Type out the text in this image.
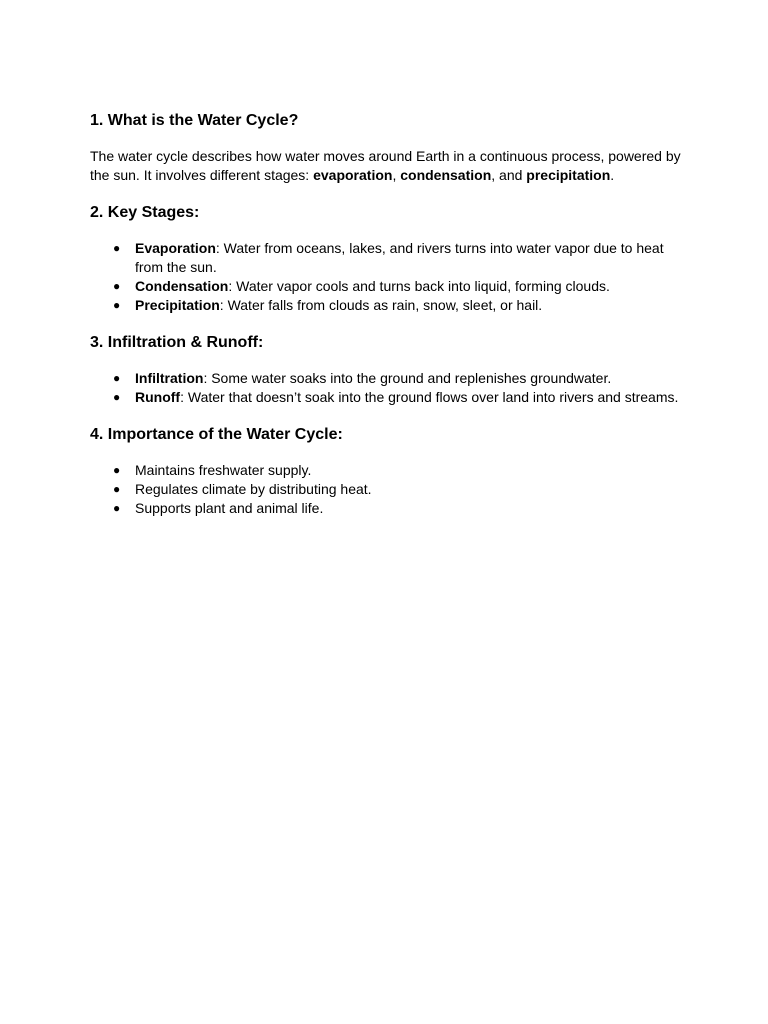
1. What is the Water Cycle?

The water cycle describes how water moves around Earth in a continuous process, powered by the sun. It involves different stages: evaporation, condensation, and precipitation.

2. Key Stages:
● Evaporation: Water from oceans, lakes, and rivers turns into water vapor due to heat from the sun.
● Condensation: Water vapor cools and turns back into liquid, forming clouds.
● Precipitation: Water falls from clouds as rain, snow, sleet, or hail.
3. Infiltration & Runoff:
● Infiltration: Some water soaks into the ground and replenishes groundwater.
● Runoff: Water that doesn’t soak into the ground flows over land into rivers and streams.
4. Importance of the Water Cycle:
● Maintains freshwater supply.
● Regulates climate by distributing heat.
● Supports plant and animal life.
